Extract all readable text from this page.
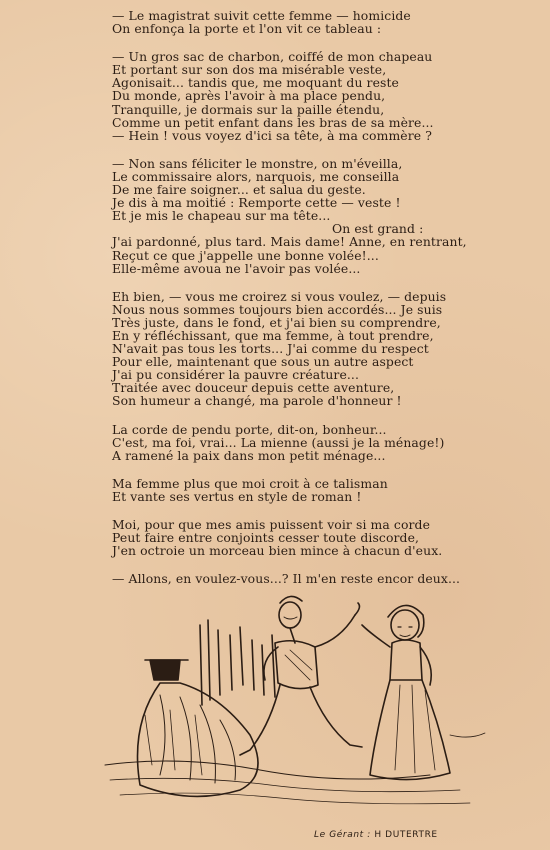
— Le magistrat suivit cette femme — homicide
On enfonça la porte et l'on vit ce tableau :
— Un gros sac de charbon, coiffé de mon chapeau
Et portant sur son dos ma misérable veste,
Agonisait... tandis que, me moquant du reste
Du monde, après l'avoir à ma place pendu,
Tranquille, je dormais sur la paille étendu,
Comme un petit enfant dans les bras de sa mère...
— Hein ! vous voyez d'ici sa tête, à ma commère ?
— Non sans féliciter le monstre, on m'éveilla,
Le commissaire alors, narquois, me conseilla
De me faire soigner... et salua du geste.
Je dis à ma moitié : Remporte cette — veste !
Et je mis le chapeau sur ma tête...
On est grand :
J'ai pardonné, plus tard. Mais dame! Anne, en rentrant,
Reçut ce que j'appelle une bonne volée!...
Elle-même avoua ne l'avoir pas volée...
Eh bien, — vous me croirez si vous voulez, — depuis
Nous nous sommes toujours bien accordés... Je suis
Très juste, dans le fond, et j'ai bien su comprendre,
En y réfléchissant, que ma femme, à tout prendre,
N'avait pas tous les torts... J'ai comme du respect
Pour elle, maintenant que sous un autre aspect
J'ai pu considérer la pauvre créature...
Traitée avec douceur depuis cette aventure,
Son humeur a changé, ma parole d'honneur !
La corde de pendu porte, dit-on, bonheur...
C'est, ma foi, vrai... La mienne (aussi je la ménage!)
A ramené la paix dans mon petit ménage...
Ma femme plus que moi croit à ce talisman
Et vante ses vertus en style de roman !
Moi, pour que mes amis puissent voir si ma corde
Peut faire entre conjoints cesser toute discorde,
J'en octroie un morceau bien mince à chacun d'eux.
— Allons, en voulez-vous...? Il m'en reste encor deux...
Le Gérant : H DUTERTRE
